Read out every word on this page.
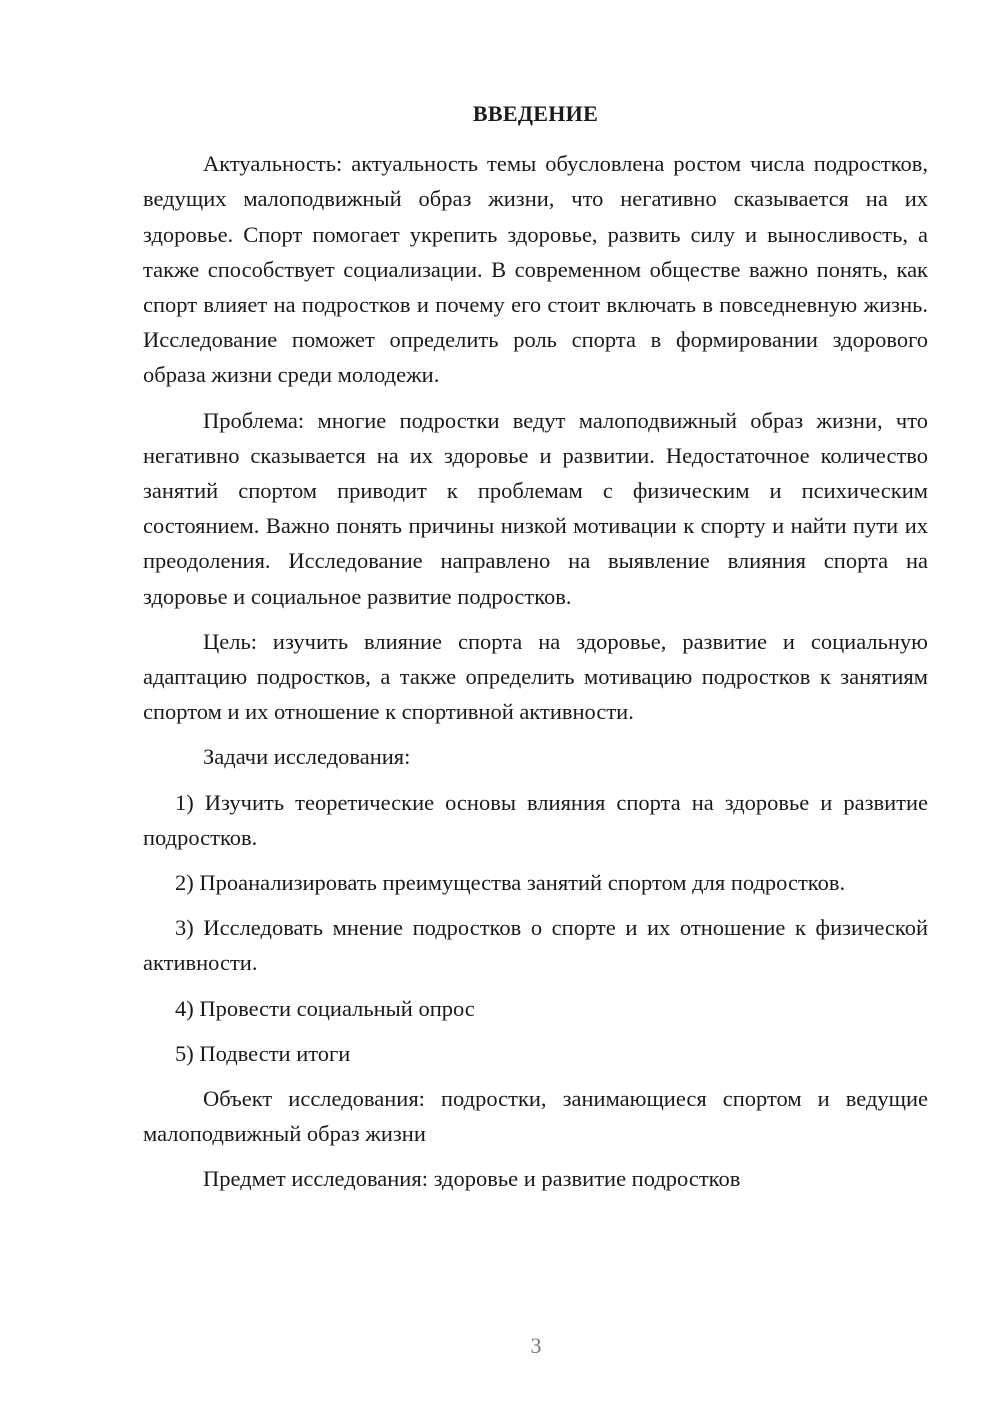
ВВЕДЕНИЕ

Актуальность: актуальность темы обусловлена ростом числа подростков, ведущих малоподвижный образ жизни, что негативно сказывается на их здоровье. Спорт помогает укрепить здоровье, развить силу и выносливость, а также способствует социализации. В современном обществе важно понять, как спорт влияет на подростков и почему его стоит включать в повседневную жизнь. Исследование поможет определить роль спорта в формировании здорового образа жизни среди молодежи.

Проблема: многие подростки ведут малоподвижный образ жизни, что негативно сказывается на их здоровье и развитии. Недостаточное количество занятий спортом приводит к проблемам с физическим и психическим состоянием. Важно понять причины низкой мотивации к спорту и найти пути их преодоления. Исследование направлено на выявление влияния спорта на здоровье и социальное развитие подростков.

Цель: изучить влияние спорта на здоровье, развитие и социальную адаптацию подростков, а также определить мотивацию подростков к занятиям спортом и их отношение к спортивной активности.

Задачи исследования:

1) Изучить теоретические основы влияния спорта на здоровье и развитие подростков.

2) Проанализировать преимущества занятий спортом для подростков.

3) Исследовать мнение подростков о спорте и их отношение к физической активности.

4) Провести социальный опрос

5) Подвести итоги

Объект исследования: подростки, занимающиеся спортом и ведущие малоподвижный образ жизни

Предмет исследования: здоровье и развитие подростков

3
